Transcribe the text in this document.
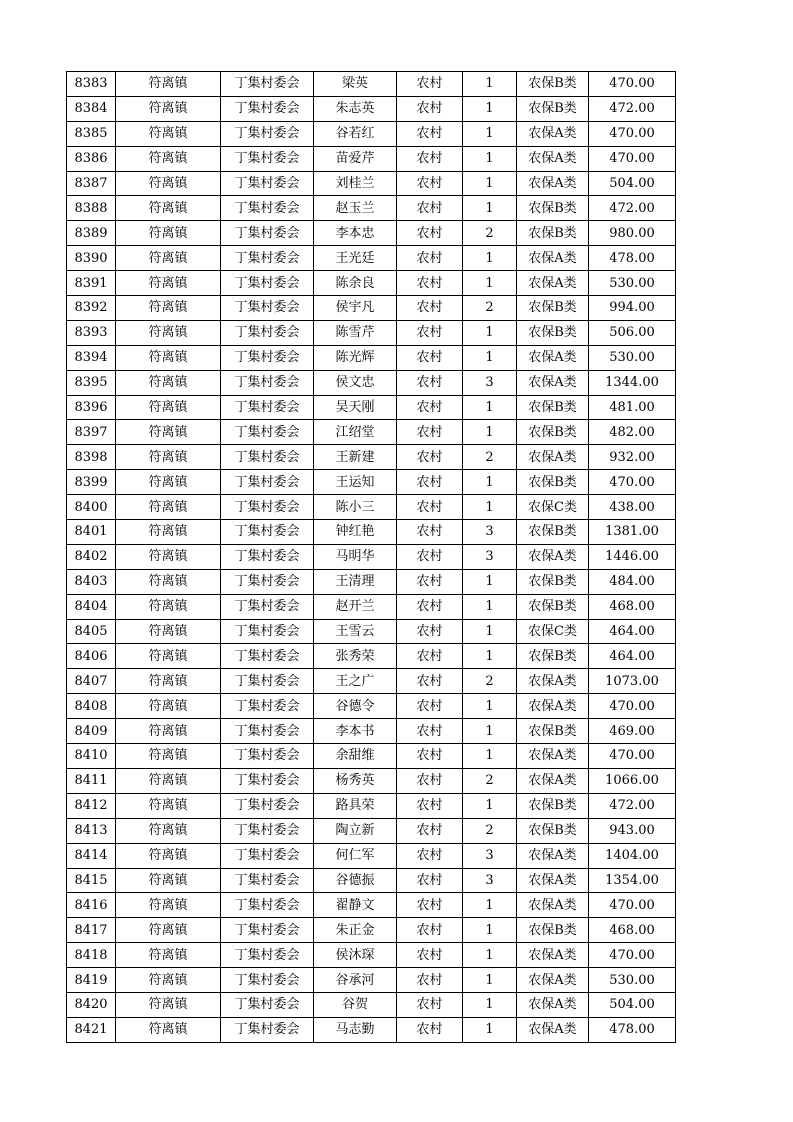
8383	符离镇	丁集村委会	梁英	农村	1	农保B类	470.00
8384	符离镇	丁集村委会	朱志英	农村	1	农保B类	472.00
8385	符离镇	丁集村委会	谷若红	农村	1	农保A类	470.00
8386	符离镇	丁集村委会	苗爱芹	农村	1	农保A类	470.00
8387	符离镇	丁集村委会	刘桂兰	农村	1	农保A类	504.00
8388	符离镇	丁集村委会	赵玉兰	农村	1	农保B类	472.00
8389	符离镇	丁集村委会	李本忠	农村	2	农保B类	980.00
8390	符离镇	丁集村委会	王光廷	农村	1	农保A类	478.00
8391	符离镇	丁集村委会	陈余良	农村	1	农保A类	530.00
8392	符离镇	丁集村委会	侯宇凡	农村	2	农保B类	994.00
8393	符离镇	丁集村委会	陈雪芹	农村	1	农保B类	506.00
8394	符离镇	丁集村委会	陈光辉	农村	1	农保A类	530.00
8395	符离镇	丁集村委会	侯文忠	农村	3	农保A类	1344.00
8396	符离镇	丁集村委会	吴天刚	农村	1	农保B类	481.00
8397	符离镇	丁集村委会	江绍堂	农村	1	农保B类	482.00
8398	符离镇	丁集村委会	王新建	农村	2	农保A类	932.00
8399	符离镇	丁集村委会	王运知	农村	1	农保B类	470.00
8400	符离镇	丁集村委会	陈小三	农村	1	农保C类	438.00
8401	符离镇	丁集村委会	钟红艳	农村	3	农保B类	1381.00
8402	符离镇	丁集村委会	马明华	农村	3	农保A类	1446.00
8403	符离镇	丁集村委会	王清理	农村	1	农保B类	484.00
8404	符离镇	丁集村委会	赵开兰	农村	1	农保B类	468.00
8405	符离镇	丁集村委会	王雪云	农村	1	农保C类	464.00
8406	符离镇	丁集村委会	张秀荣	农村	1	农保B类	464.00
8407	符离镇	丁集村委会	王之广	农村	2	农保A类	1073.00
8408	符离镇	丁集村委会	谷德令	农村	1	农保A类	470.00
8409	符离镇	丁集村委会	李本书	农村	1	农保B类	469.00
8410	符离镇	丁集村委会	余甜维	农村	1	农保A类	470.00
8411	符离镇	丁集村委会	杨秀英	农村	2	农保A类	1066.00
8412	符离镇	丁集村委会	路具荣	农村	1	农保B类	472.00
8413	符离镇	丁集村委会	陶立新	农村	2	农保B类	943.00
8414	符离镇	丁集村委会	何仁军	农村	3	农保A类	1404.00
8415	符离镇	丁集村委会	谷德振	农村	3	农保A类	1354.00
8416	符离镇	丁集村委会	翟静文	农村	1	农保A类	470.00
8417	符离镇	丁集村委会	朱正金	农村	1	农保B类	468.00
8418	符离镇	丁集村委会	侯沐琛	农村	1	农保A类	470.00
8419	符离镇	丁集村委会	谷承河	农村	1	农保A类	530.00
8420	符离镇	丁集村委会	谷贺	农村	1	农保A类	504.00
8421	符离镇	丁集村委会	马志勤	农村	1	农保A类	478.00
